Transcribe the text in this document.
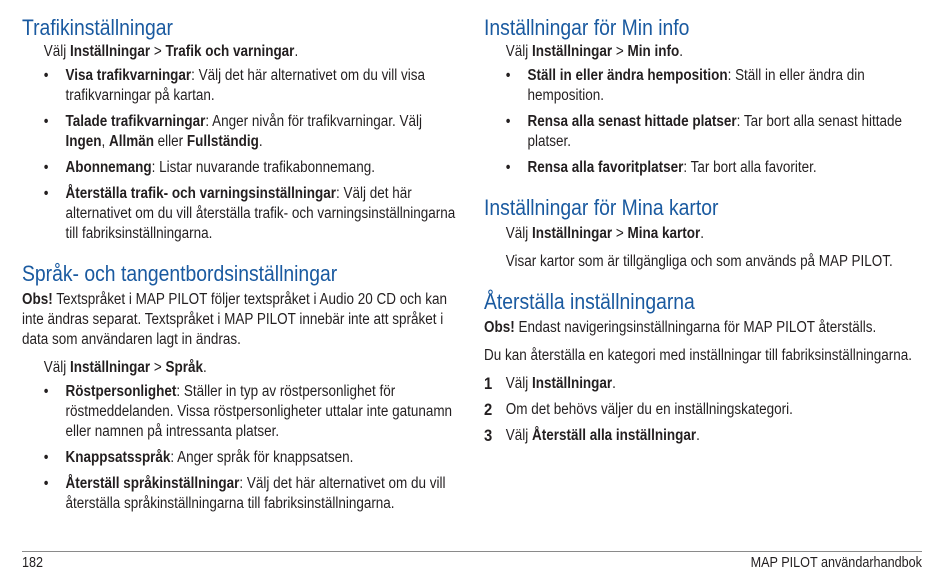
Trafikinställningar

Välj Inställningar > Trafik och varningar.

• Visa trafikvarningar: Välj det här alternativet om du vill visa trafikvarningar på kartan.
• Talade trafikvarningar: Anger nivån för trafikvarningar. Välj Ingen, Allmän eller Fullständig.
• Abonnemang: Listar nuvarande trafikabonnemang.
• Återställa trafik- och varningsinställningar: Välj det här alternativet om du vill återställa trafik- och varningsinställningarna till fabriksinställningarna.
Språk- och tangentbordsinställningar

Obs! Textspråket i MAP PILOT följer textspråket i Audio 20 CD och kan inte ändras separat. Textspråket i MAP PILOT innebär inte att språket i data som användaren lagt in ändras.

Välj Inställningar > Språk.

• Röstpersonlighet: Ställer in typ av röstpersonlighet för röstmeddelanden. Vissa röstpersonligheter uttalar inte gatunamn eller namnen på intressanta platser.
• Knappsatsspråk: Anger språk för knappsatsen.
• Återställ språkinställningar: Välj det här alternativet om du vill återställa språkinställningarna till fabriksinställningarna.
Inställningar för Min info

Välj Inställningar > Min info.

• Ställ in eller ändra hemposition: Ställ in eller ändra din hemposition.
• Rensa alla senast hittade platser: Tar bort alla senast hittade platser.
• Rensa alla favoritplatser: Tar bort alla favoriter.
Inställningar för Mina kartor

Välj Inställningar > Mina kartor.

Visar kartor som är tillgängliga och som används på MAP PILOT.

Återställa inställningarna

Obs! Endast navigeringsinställningarna för MAP PILOT återställs.

Du kan återställa en kategori med inställningar till fabriksinställningarna.

1 Välj Inställningar.
2 Om det behövs väljer du en inställningskategori.
3 Välj Återställ alla inställningar.
182	MAP PILOT användarhandbok
